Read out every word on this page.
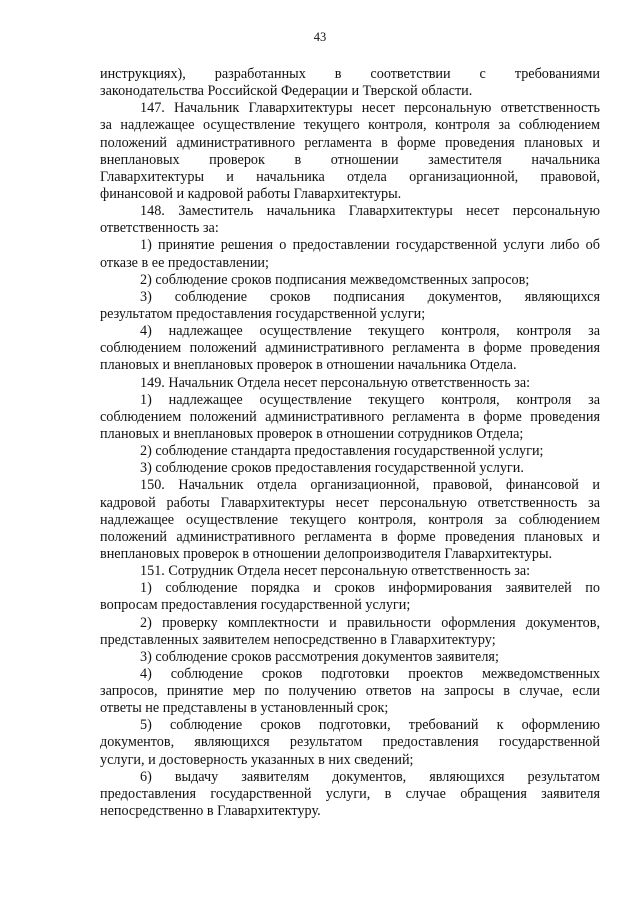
43
инструкциях), разработанных в соответствии с требованиями
законодательства Российской Федерации и Тверской области.
147. Начальник Главархитектуры несет персональную ответственность
за надлежащее осуществление текущего контроля, контроля за соблюдением
положений административного регламента в форме проведения плановых и
внеплановых проверок в отношении заместителя начальника
Главархитектуры и начальника отдела организационной, правовой,
финансовой и кадровой работы Главархитектуры.
148. Заместитель начальника Главархитектуры несет персональную
ответственность за:
1) принятие решения о предоставлении государственной услуги либо об
отказе в ее предоставлении;
2) соблюдение сроков подписания межведомственных запросов;
3) соблюдение сроков подписания документов, являющихся
результатом предоставления государственной услуги;
4) надлежащее осуществление текущего контроля, контроля за
соблюдением положений административного регламента в форме проведения
плановых и внеплановых проверок в отношении начальника Отдела.
149. Начальник Отдела несет персональную ответственность за:
1) надлежащее осуществление текущего контроля, контроля за
соблюдением положений административного регламента в форме проведения
плановых и внеплановых проверок в отношении сотрудников Отдела;
2) соблюдение стандарта предоставления государственной услуги;
3) соблюдение сроков предоставления государственной услуги.
150. Начальник отдела организационной, правовой, финансовой и
кадровой работы Главархитектуры несет персональную ответственность за
надлежащее осуществление текущего контроля, контроля за соблюдением
положений административного регламента в форме проведения плановых и
внеплановых проверок в отношении делопроизводителя Главархитектуры.
151. Сотрудник Отдела несет персональную ответственность за:
1) соблюдение порядка и сроков информирования заявителей по
вопросам предоставления государственной услуги;
2) проверку комплектности и правильности оформления документов,
представленных заявителем непосредственно в Главархитектуру;
3) соблюдение сроков рассмотрения документов заявителя;
4) соблюдение сроков подготовки проектов межведомственных
запросов, принятие мер по получению ответов на запросы в случае, если
ответы не представлены в установленный срок;
5) соблюдение сроков подготовки, требований к оформлению
документов, являющихся результатом предоставления государственной
услуги, и достоверность указанных в них сведений;
6) выдачу заявителям документов, являющихся результатом
предоставления государственной услуги, в случае обращения заявителя
непосредственно в Главархитектуру.
